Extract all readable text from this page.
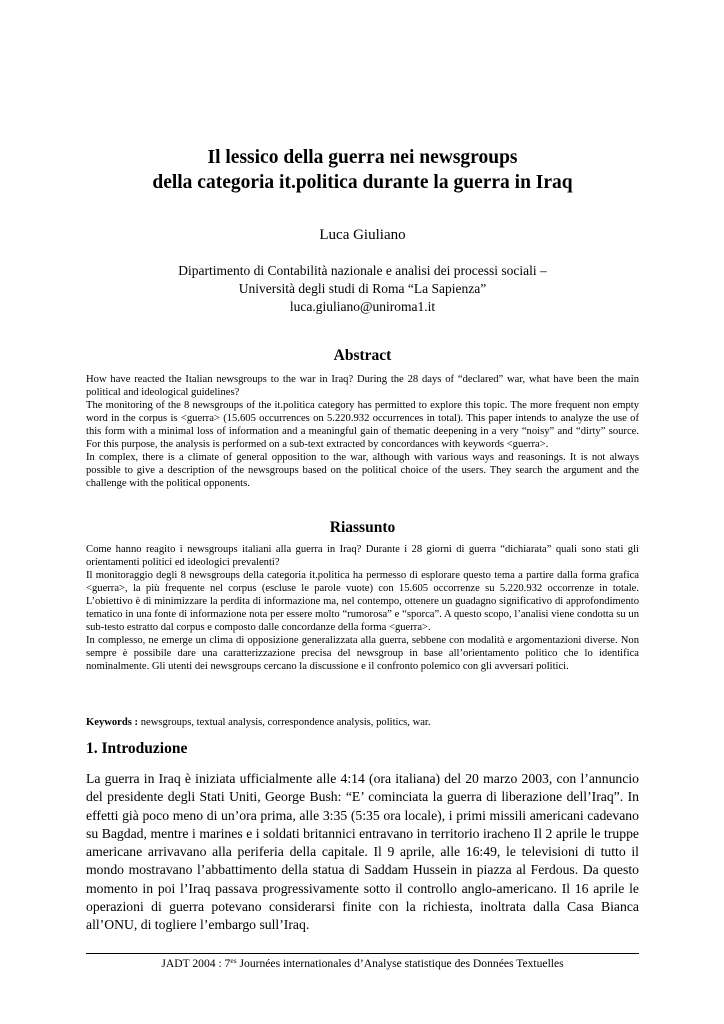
Il lessico della guerra nei newsgroups
della categoria it.politica durante la guerra in Iraq
Luca Giuliano
Dipartimento di Contabilità nazionale e analisi dei processi sociali –
Università degli studi di Roma “La Sapienza”
luca.giuliano@uniroma1.it
Abstract

How have reacted the Italian newsgroups to the war in Iraq? During the 28 days of “declared” war, what have been the main political and ideological guidelines?

The monitoring of the 8 newsgroups of the it.politica category has permitted to explore this topic. The more frequent non empty word in the corpus is <guerra> (15.605 occurrences on 5.220.932 occurrences in total). This paper intends to analyze the use of this form with a minimal loss of information and a meaningful gain of thematic deepening in a very “noisy” and “dirty” source. For this purpose, the analysis is performed on a sub-text extracted by concordances with keywords <guerra>.

In complex, there is a climate of general opposition to the war, although with various ways and reasonings. It is not always possible to give a description of the newsgroups based on the political choice of the users. They search the argument and the challenge with the political opponents.

Riassunto

Come hanno reagito i newsgroups italiani alla guerra in Iraq? Durante i 28 giorni di guerra “dichiarata” quali sono stati gli orientamenti politici ed ideologici prevalenti?

Il monitoraggio degli 8 newsgroups della categoria it.politica ha permesso di esplorare questo tema a partire dalla forma grafica <guerra>, la più frequente nel corpus (escluse le parole vuote) con 15.605 occorrenze su 5.220.932 occorrenze in totale. L’obiettivo è di minimizzare la perdita di informazione ma, nel contempo, ottenere un guadagno significativo di approfondimento tematico in una fonte di informazione nota per essere molto “rumorosa” e “sporca”. A questo scopo, l’analisi viene condotta su un sub-testo estratto dal corpus e composto dalle concordanze della forma <guerra>.

In complesso, ne emerge un clima di opposizione generalizzata alla guerra, sebbene con modalità e argomentazioni diverse. Non sempre è possibile dare una caratterizzazione precisa del newsgroup in base all’orientamento politico che lo identifica nominalmente. Gli utenti dei newsgroups cercano la discussione e il confronto polemico con gli avversari politici.

Keywords : newsgroups, textual analysis, correspondence analysis, politics, war.
1. Introduzione

La guerra in Iraq è iniziata ufficialmente alle 4:14 (ora italiana) del 20 marzo 2003, con l’annuncio del presidente degli Stati Uniti, George Bush: “E’ cominciata la guerra di liberazione dell’Iraq”. In effetti già poco meno di un’ora prima, alle 3:35 (5:35 ora locale), i primi missili americani cadevano su Bagdad, mentre i marines e i soldati britannici entravano in territorio iracheno Il 2 aprile le truppe americane arrivavano alla periferia della capitale. Il 9 aprile, alle 16:49, le televisioni di tutto il mondo mostravano l’abbattimento della statua di Saddam Hussein in piazza al Ferdous. Da questo momento in poi l’Iraq passava progressivamente sotto il controllo anglo-americano. Il 16 aprile le operazioni di guerra potevano considerarsi finite con la richiesta, inoltrata dalla Casa Bianca all’ONU, di togliere l’embargo sull’Iraq.

JADT 2004 : $7^{es}$ Journées internationales d’Analyse statistique des Données Textuelles
